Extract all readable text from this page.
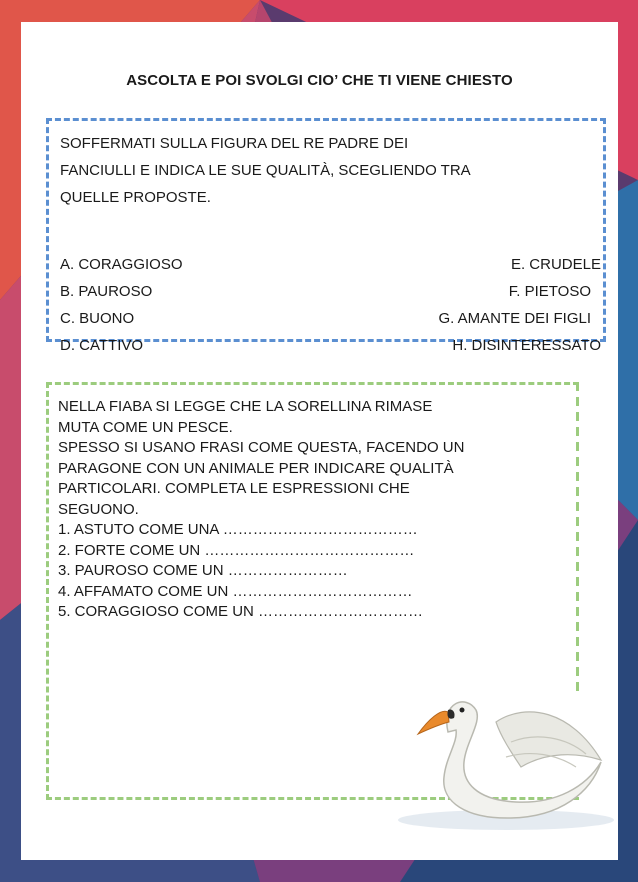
ASCOLTA E POI SVOLGI CIO’ CHE TI VIENE CHIESTO
SOFFERMATI SULLA FIGURA DEL RE PADRE DEI
FANCIULLI E INDICA LE SUE QUALITÀ, SCEGLIENDO TRA
QUELLE PROPOSTE.
A. CORAGGIOSO
B. PAUROSO
C. BUONO
D. CATTIVO
E. CRUDELE
F. PIETOSO
G. AMANTE DEI FIGLI
H. DISINTERESSATO
NELLA FIABA SI LEGGE CHE LA SORELLINA RIMASE
MUTA COME UN PESCE.
SPESSO SI USANO FRASI COME QUESTA, FACENDO UN
PARAGONE CON UN ANIMALE PER INDICARE QUALITÀ
PARTICOLARI. COMPLETA LE ESPRESSIONI CHE
SEGUONO.
1. ASTUTO COME UNA …………………………………
2. FORTE COME UN ……………………………………
3. PAUROSO COME UN ……………………
4. AFFAMATO COME UN ………………………………
5. CORAGGIOSO COME UN ……………………………
